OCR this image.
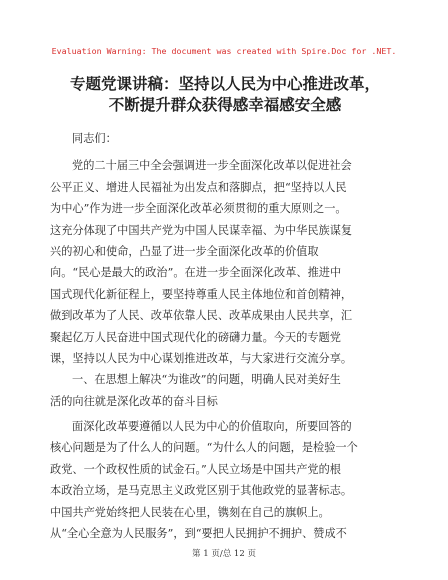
Evaluation Warning: The document was created with Spire.Doc for .NET.
专题党课讲稿：坚持以人民为中心推进改革，
不断提升群众获得感幸福感安全感
同志们：
党的二十届三中全会强调进一步全面深化改革以促进社会
公平正义、增进人民福祉为出发点和落脚点，把“坚持以人民
为中心”作为进一步全面深化改革必须贯彻的重大原则之一。
这充分体现了中国共产党为中国人民谋幸福、为中华民族谋复
兴的初心和使命，凸显了进一步全面深化改革的价值取
向。“民心是最大的政治”。在进一步全面深化改革、推进中
国式现代化新征程上，要坚持尊重人民主体地位和首创精神，
做到改革为了人民、改革依靠人民、改革成果由人民共享，汇
聚起亿万人民奋进中国式现代化的磅礴力量。今天的专题党
课，坚持以人民为中心谋划推进改革，与大家进行交流分享。
一、在思想上解决“为谁改”的问题，明确人民对美好生
活的向往就是深化改革的奋斗目标
面深化改革要遵循以人民为中心的价值取向，所要回答的
核心问题是为了什么人的问题。“为什么人的问题，是检验一个
政党、一个政权性质的试金石。”人民立场是中国共产党的根
本政治立场，是马克思主义政党区别于其他政党的显著标志。
中国共产党始终把人民装在心里，镌刻在自己的旗帜上。
从“全心全意为人民服务”，到“要把人民拥护不拥护、赞成不
第 1 页/总 12 页
